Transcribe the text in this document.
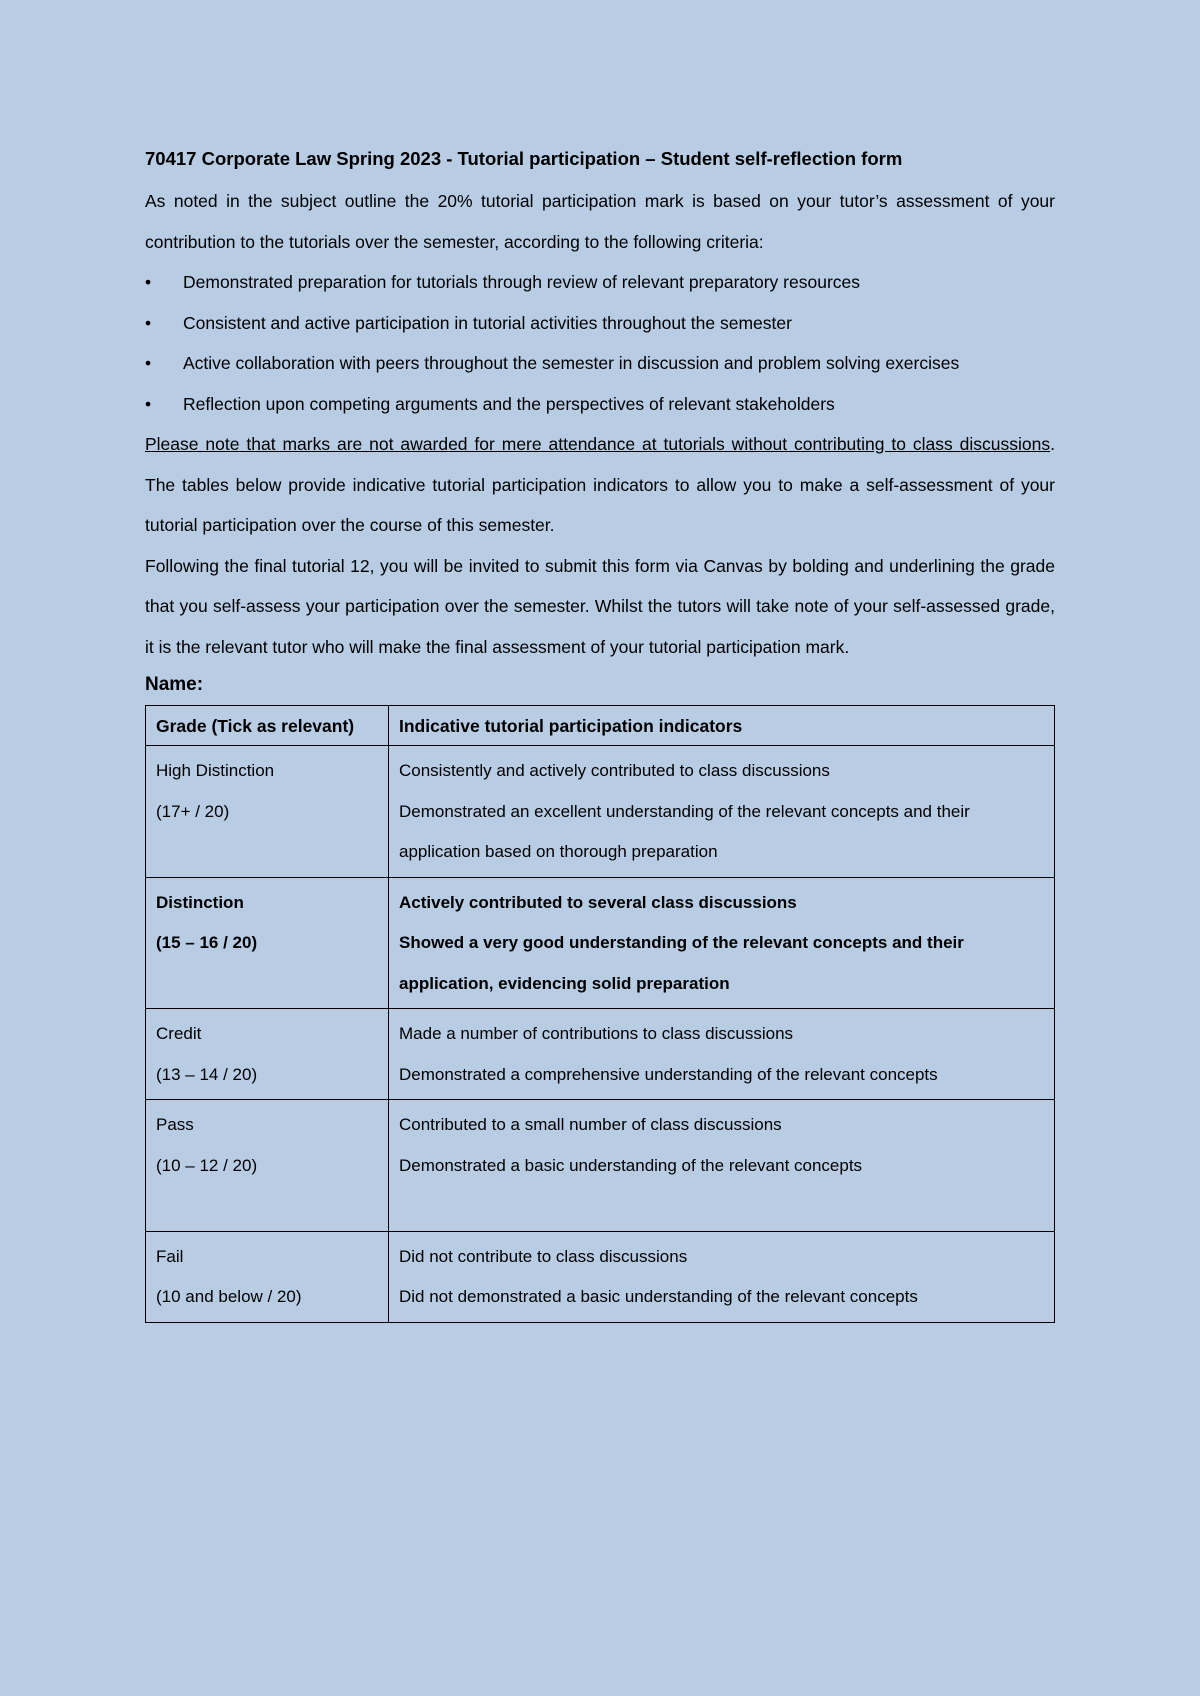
70417 Corporate Law Spring 2023 - Tutorial participation – Student self-reflection form

As noted in the subject outline the 20% tutorial participation mark is based on your tutor’s assessment of your contribution to the tutorials over the semester, according to the following criteria:

•	Demonstrated preparation for tutorials through review of relevant preparatory resources
•	Consistent and active participation in tutorial activities throughout the semester
•	Active collaboration with peers throughout the semester in discussion and problem solving exercises
•	Reflection upon competing arguments and the perspectives of relevant stakeholders

Please note that marks are not awarded for mere attendance at tutorials without contributing to class discussions. The tables below provide indicative tutorial participation indicators to allow you to make a self-assessment of your tutorial participation over the course of this semester.

Following the final tutorial 12, you will be invited to submit this form via Canvas by bolding and underlining the grade that you self-assess your participation over the semester. Whilst the tutors will take note of your self-assessed grade, it is the relevant tutor who will make the final assessment of your tutorial participation mark.

Name:

Grade (Tick as relevant)	Indicative tutorial participation indicators

High Distinction
(17+ / 20)	Consistently and actively contributed to class discussions
Demonstrated an excellent understanding of the relevant concepts and their application based on thorough preparation

Distinction
(15 – 16 / 20)	Actively contributed to several class discussions
Showed a very good understanding of the relevant concepts and their application, evidencing solid preparation

Credit
(13 – 14 / 20)	Made a number of contributions to class discussions
Demonstrated a comprehensive understanding of the relevant concepts

Pass
(10 – 12 / 20)	Contributed to a small number of class discussions
Demonstrated a basic understanding of the relevant concepts

Fail
(10 and below / 20)	Did not contribute to class discussions
Did not demonstrated a basic understanding of the relevant concepts
